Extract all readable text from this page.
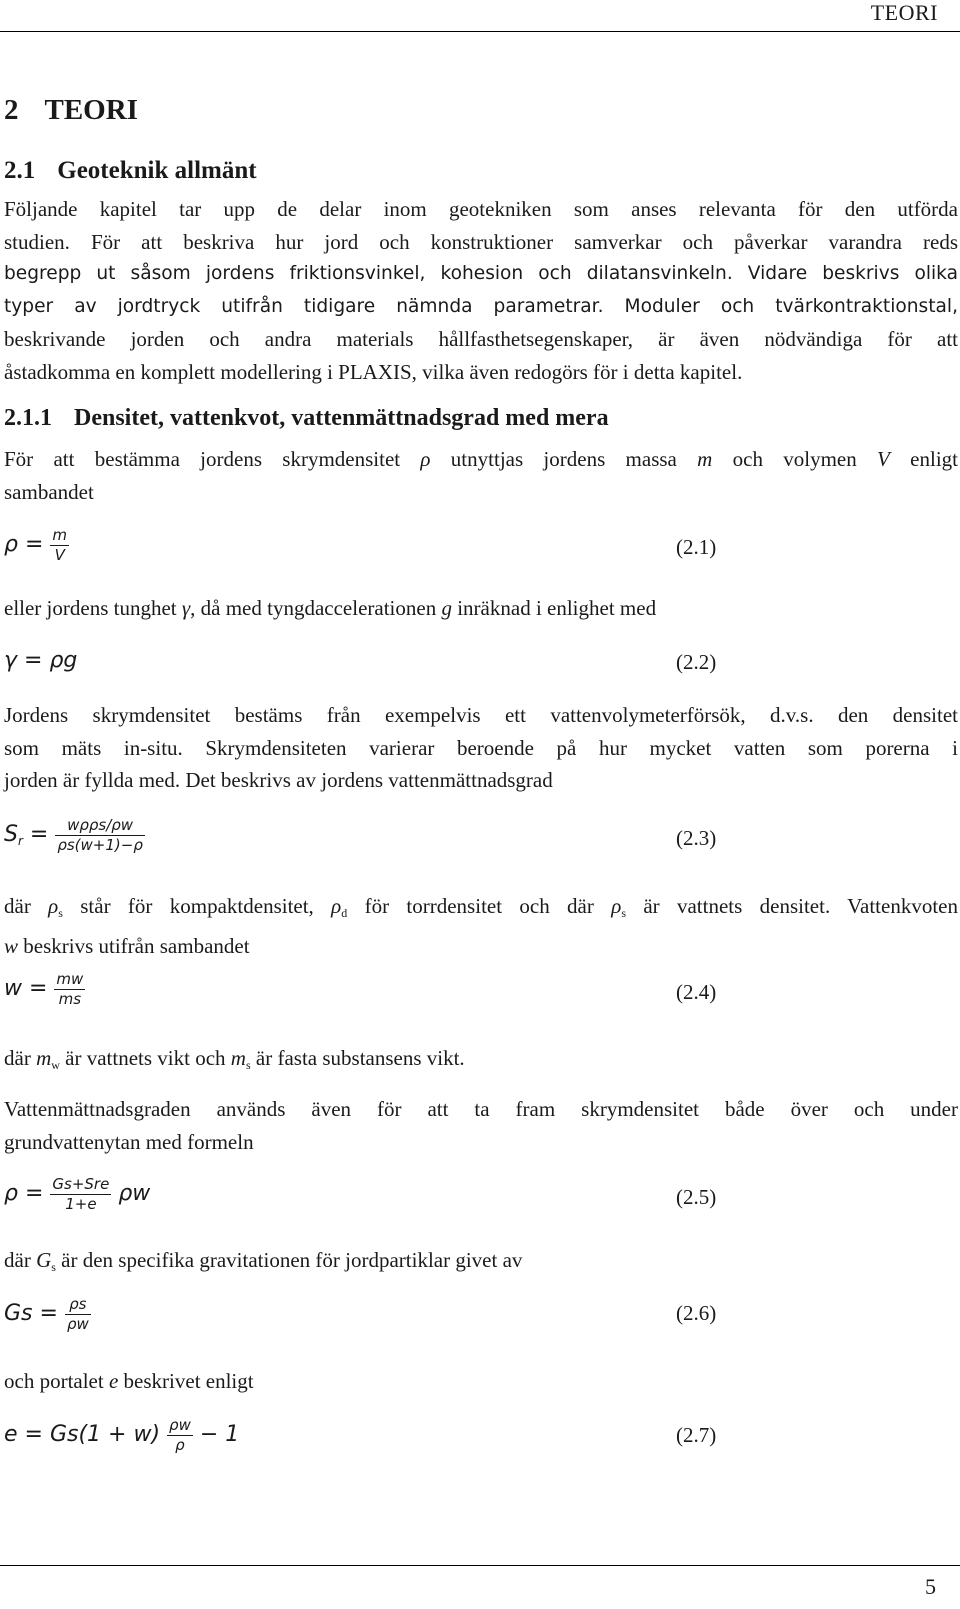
TEORI
2 TEORI
2.1 Geoteknik allmänt
Följande kapitel tar upp de delar inom geotekniken som anses relevanta för den utförda
studien. För att beskriva hur jord och konstruktioner samverkar och påverkar varandra reds
begrepp ut såsom jordens friktionsvinkel, kohesion och dilatansvinkeln. Vidare beskrivs olika
typer av jordtryck utifrån tidigare nämnda parametrar. Moduler och tvärkontraktionstal,
beskrivande jorden och andra materials hållfasthetsegenskaper, är även nödvändiga för att
åstadkomma en komplett modellering i PLAXIS, vilka även redogörs för i detta kapitel.
2.1.1 Densitet, vattenkvot, vattenmättnadsgrad med mera
För att bestämma jordens skrymdensitet ρ utnyttjas jordens massa m och volymen V enligt
sambandet
$\rho = \frac{m}{V}$	(2.1)
eller jordens tunghet γ, då med tyngdaccelerationen g inräknad i enlighet med
γ = ρg	(2.2)
Jordens skrymdensitet bestäms från exempelvis ett vattenvolymeterförsök, d.v.s. den densitet
som mäts in-situ. Skrymdensiteten varierar beroende på hur mycket vatten som porerna i
jorden är fyllda med. Det beskrivs av jordens vattenmättnadsgrad
$S_r = \frac{\text{wρρs/ρw}}{\rho s(w+1)-\rho}$	(2.3)
där $\rho_s$ står för kompaktdensitet, $\rho_d$ för torrdensitet och där $\rho_s$ är vattnets densitet. Vattenkvoten
w beskrivs utifrån sambandet
$w = \frac{mw}{ms}$	(2.4)
där $m_w$ är vattnets vikt och $m_s$ är fasta substansens vikt.
Vattenmättnadsgraden används även för att ta fram skrymdensitet både över och under
grundvattenytan med formeln
$\rho = \frac{\text{Gs+Sre}}{1+e}$ ρw	(2.5)
där $G_s$ är den specifika gravitationen för jordpartiklar givet av
$Gs = \frac{\rho s}{\rho w}$	(2.6)
och portalet e beskrivet enligt
$e = Gs(1 + w) \frac{\rho w}{\rho} - 1$	(2.7)
5
